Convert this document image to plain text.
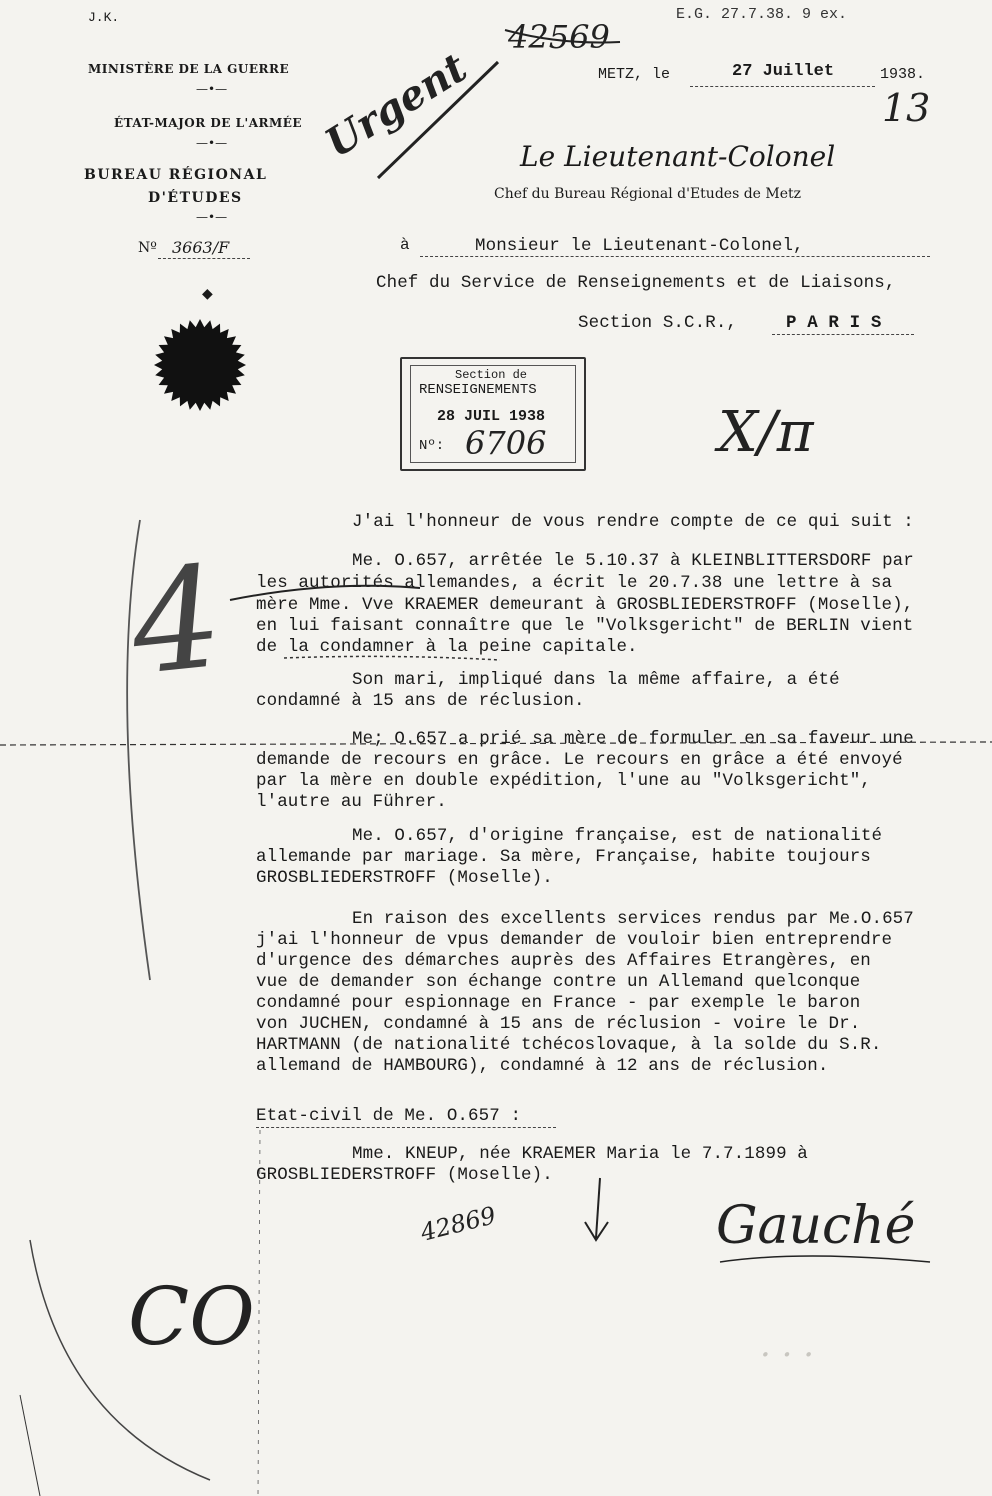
J.K.
MINISTÈRE DE LA GUERRE
—•—
ÉTAT-MAJOR DE L'ARMÉE
—•—
BUREAU RÉGIONAL
D'ÉTUDES
—•—
Nº 3663/F
◆
42569
E.G. 27.7.38. 9 ex.
13
Urgent	METZ, le	27 Juillet	1938.
Le Lieutenant-Colonel
Chef du Bureau Régional d'Etudes de Metz
à	Monsieur le Lieutenant-Colonel,
Chef du Service de Renseignements et de Liaisons,
Section S.C.R.,	P A R I S
Section de
RENSEIGNEMENTS
28 JUIL 1938
Nº: 6706	X/π
4
CO
42869	Gauché
J'ai l'honneur de vous rendre compte de ce qui suit :
Me. O.657, arrêtée le 5.10.37 à KLEINBLITTERSDORF par
les autorités allemandes, a écrit le 20.7.38 une lettre à sa
mère Mme. Vve KRAEMER demeurant à GROSBLIEDERSTROFF (Moselle),
en lui faisant connaître que le "Volksgericht" de BERLIN vient
de la condamner à la peine capitale.
Son mari, impliqué dans la même affaire, a été
condamné à 15 ans de réclusion.
Me; O.657 a prié sa mère de formuler en sa faveur une
demande de recours en grâce. Le recours en grâce a été envoyé
par la mère en double expédition, l'une au "Volksgericht",
l'autre au Führer.
Me. O.657, d'origine française, est de nationalité
allemande par mariage. Sa mère, Française, habite toujours
GROSBLIEDERSTROFF (Moselle).
En raison des excellents services rendus par Me.O.657
j'ai l'honneur de vpus demander de vouloir bien entreprendre
d'urgence des démarches auprès des Affaires Etrangères, en
vue de demander son échange contre un Allemand quelconque
condamné pour espionnage en France - par exemple le baron
von JUCHEN, condamné à 15 ans de réclusion - voire le Dr.
HARTMANN (de nationalité tchécoslovaque, à la solde du S.R.
allemand de HAMBOURG), condamné à 12 ans de réclusion.
Etat-civil de Me. O.657 :
Mme. KNEUP, née KRAEMER Maria le 7.7.1899 à
GROSBLIEDERSTROFF (Moselle).
· · ·
